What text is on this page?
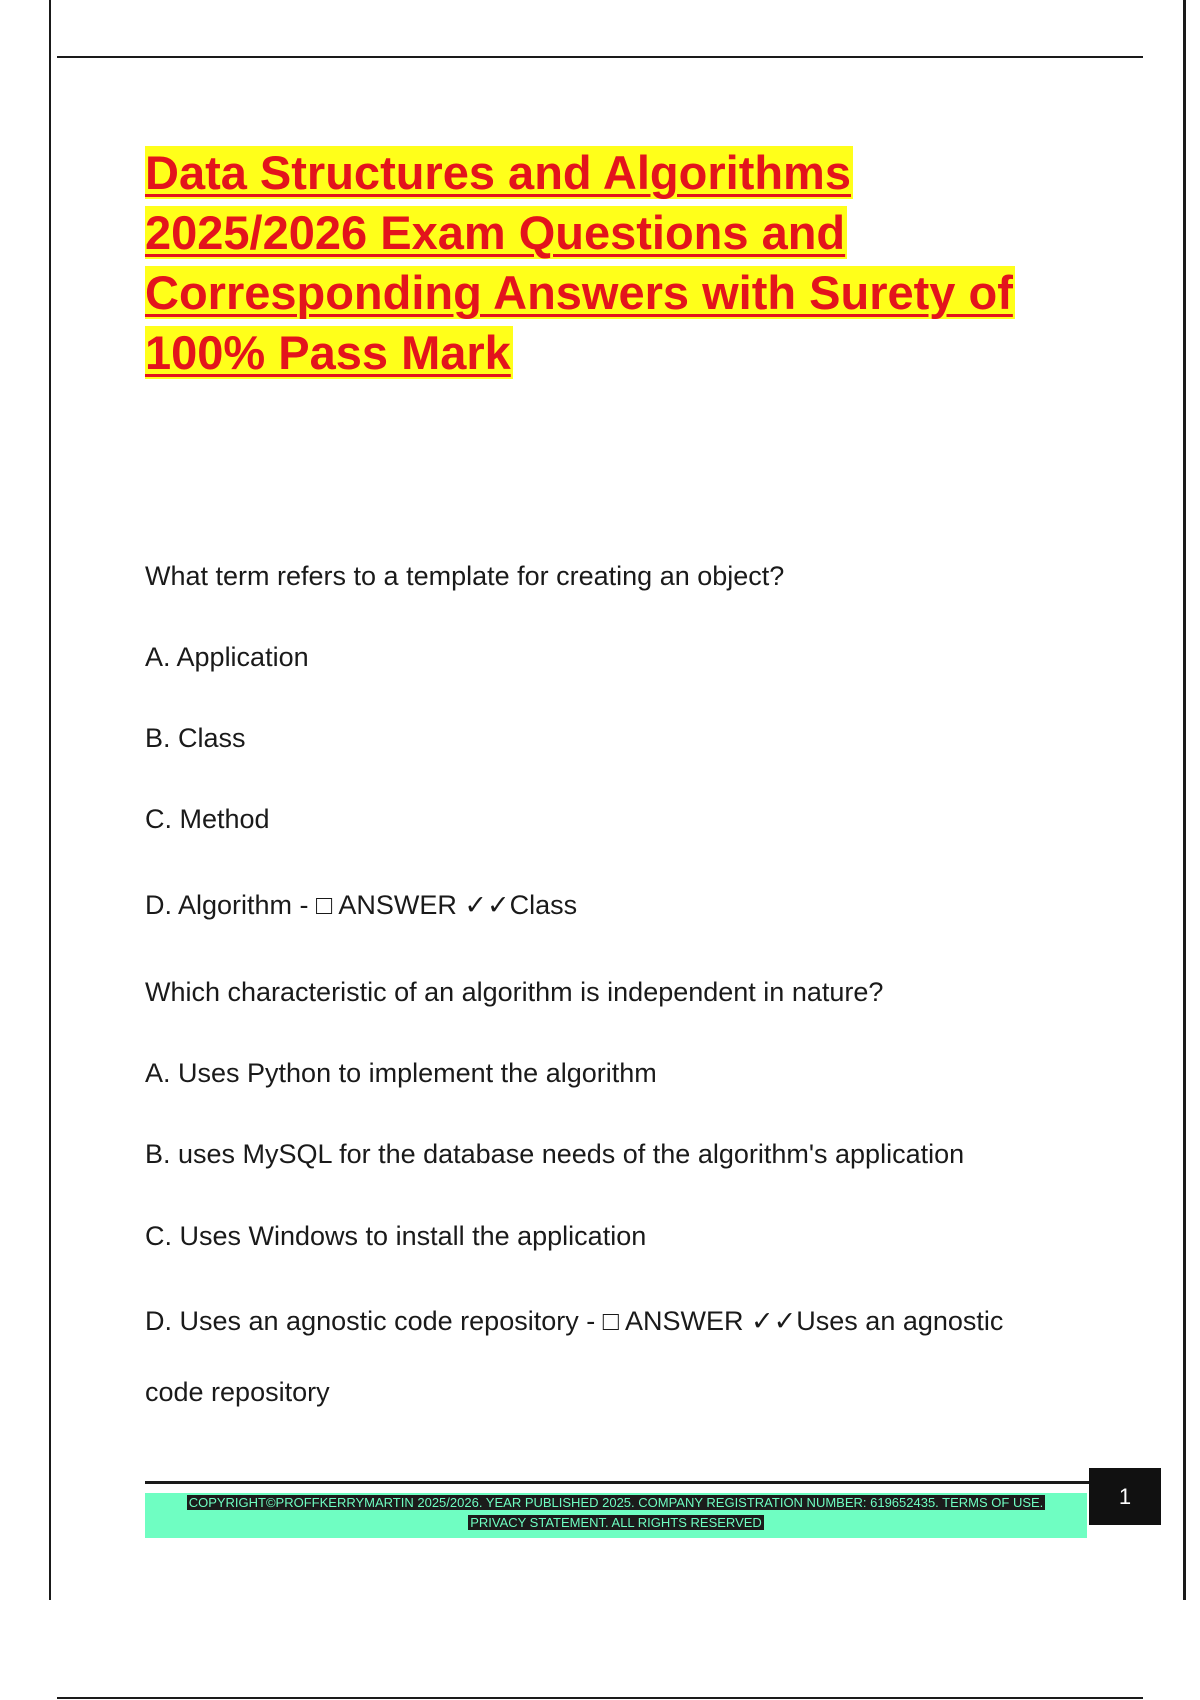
Data Structures and Algorithms
2025/2026 Exam Questions and
Corresponding Answers with Surety of
100% Pass Mark

What term refers to a template for creating an object?

A. Application

B. Class

C. Method

D. Algorithm - □ ANSWER ✓✓Class

Which characteristic of an algorithm is independent in nature?

A. Uses Python to implement the algorithm

B. uses MySQL for the database needs of the algorithm's application

C. Uses Windows to install the application

D. Uses an agnostic code repository - □ ANSWER ✓✓Uses an agnostic

code repository

COPYRIGHT©PROFFKERRYMARTIN 2025/2026. YEAR PUBLISHED 2025. COMPANY REGISTRATION NUMBER: 619652435. TERMS OF USE.
PRIVACY STATEMENT. ALL RIGHTS RESERVED
1
